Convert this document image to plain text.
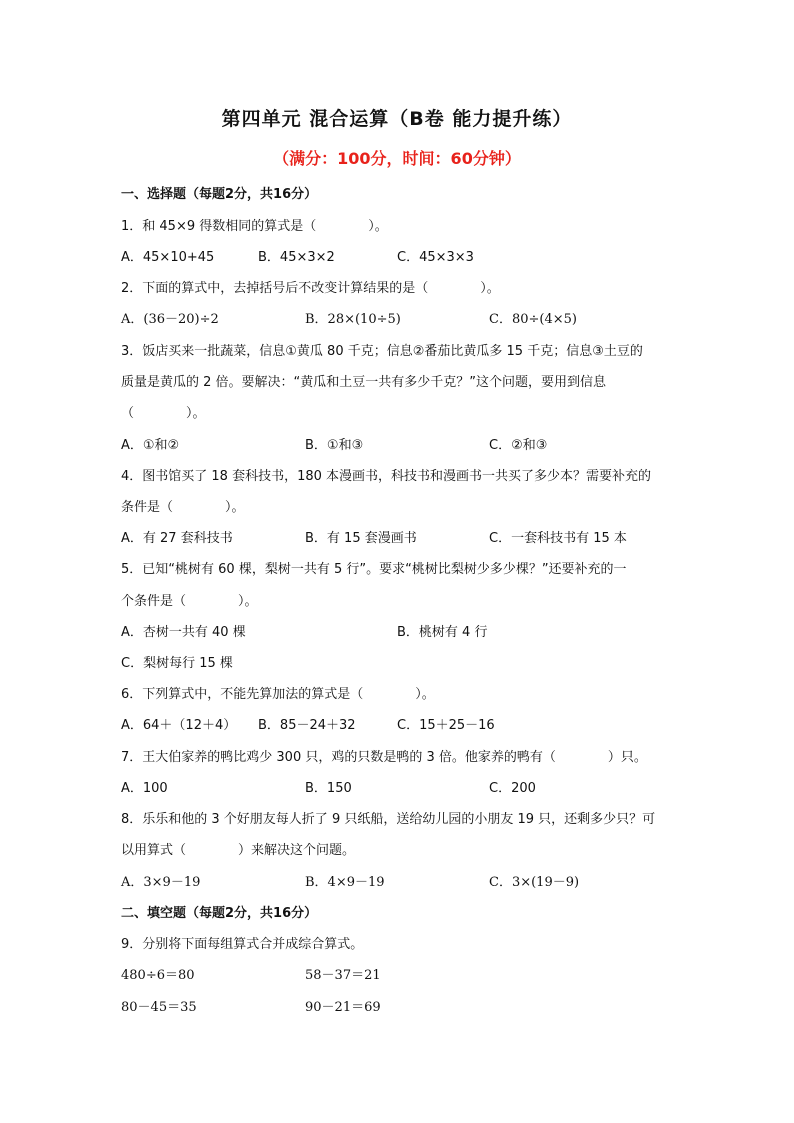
第四单元 混合运算（B卷 能力提升练）
（满分：100分，时间：60分钟）
一、选择题（每题2分，共16分）
1．和 45×9 得数相同的算式是（　　　　）。
A．45×10+45	B．45×3×2	C．45×3×3
2．下面的算式中，去掉括号后不改变计算结果的是（　　　　）。
A．(36－20)÷2	B．28×(10÷5)	C．80÷(4×5)
3．饭店买来一批蔬菜，信息①黄瓜 80 千克；信息②番茄比黄瓜多 15 千克；信息③土豆的
质量是黄瓜的 2 倍。要解决：“黄瓜和土豆一共有多少千克？”这个问题，要用到信息
（　　　　）。
A．①和②	B．①和③	C．②和③
4．图书馆买了 18 套科技书，180 本漫画书，科技书和漫画书一共买了多少本？需要补充的
条件是（　　　　）。
A．有 27 套科技书	B．有 15 套漫画书	C．一套科技书有 15 本
5．已知“桃树有 60 棵，梨树一共有 5 行”。要求“桃树比梨树少多少棵？”还要补充的一
个条件是（　　　　）。
A．杏树一共有 40 棵	B．桃树有 4 行
C．梨树每行 15 棵
6．下列算式中，不能先算加法的算式是（　　　　）。
A．64＋（12＋4） B．85－24＋32	C．15＋25－16
7．王大伯家养的鸭比鸡少 300 只，鸡的只数是鸭的 3 倍。他家养的鸭有（　　　　）只。
A．100	B．150	C．200
8．乐乐和他的 3 个好朋友每人折了 9 只纸船，送给幼儿园的小朋友 19 只，还剩多少只？可
以用算式（　　　　）来解决这个问题。
A．3×9－19	B．4×9－19	C．3×(19－9)
二、填空题（每题2分，共16分）
9．分别将下面每组算式合并成综合算式。
480÷6＝80	58－37＝21
80－45＝35	90－21＝69
